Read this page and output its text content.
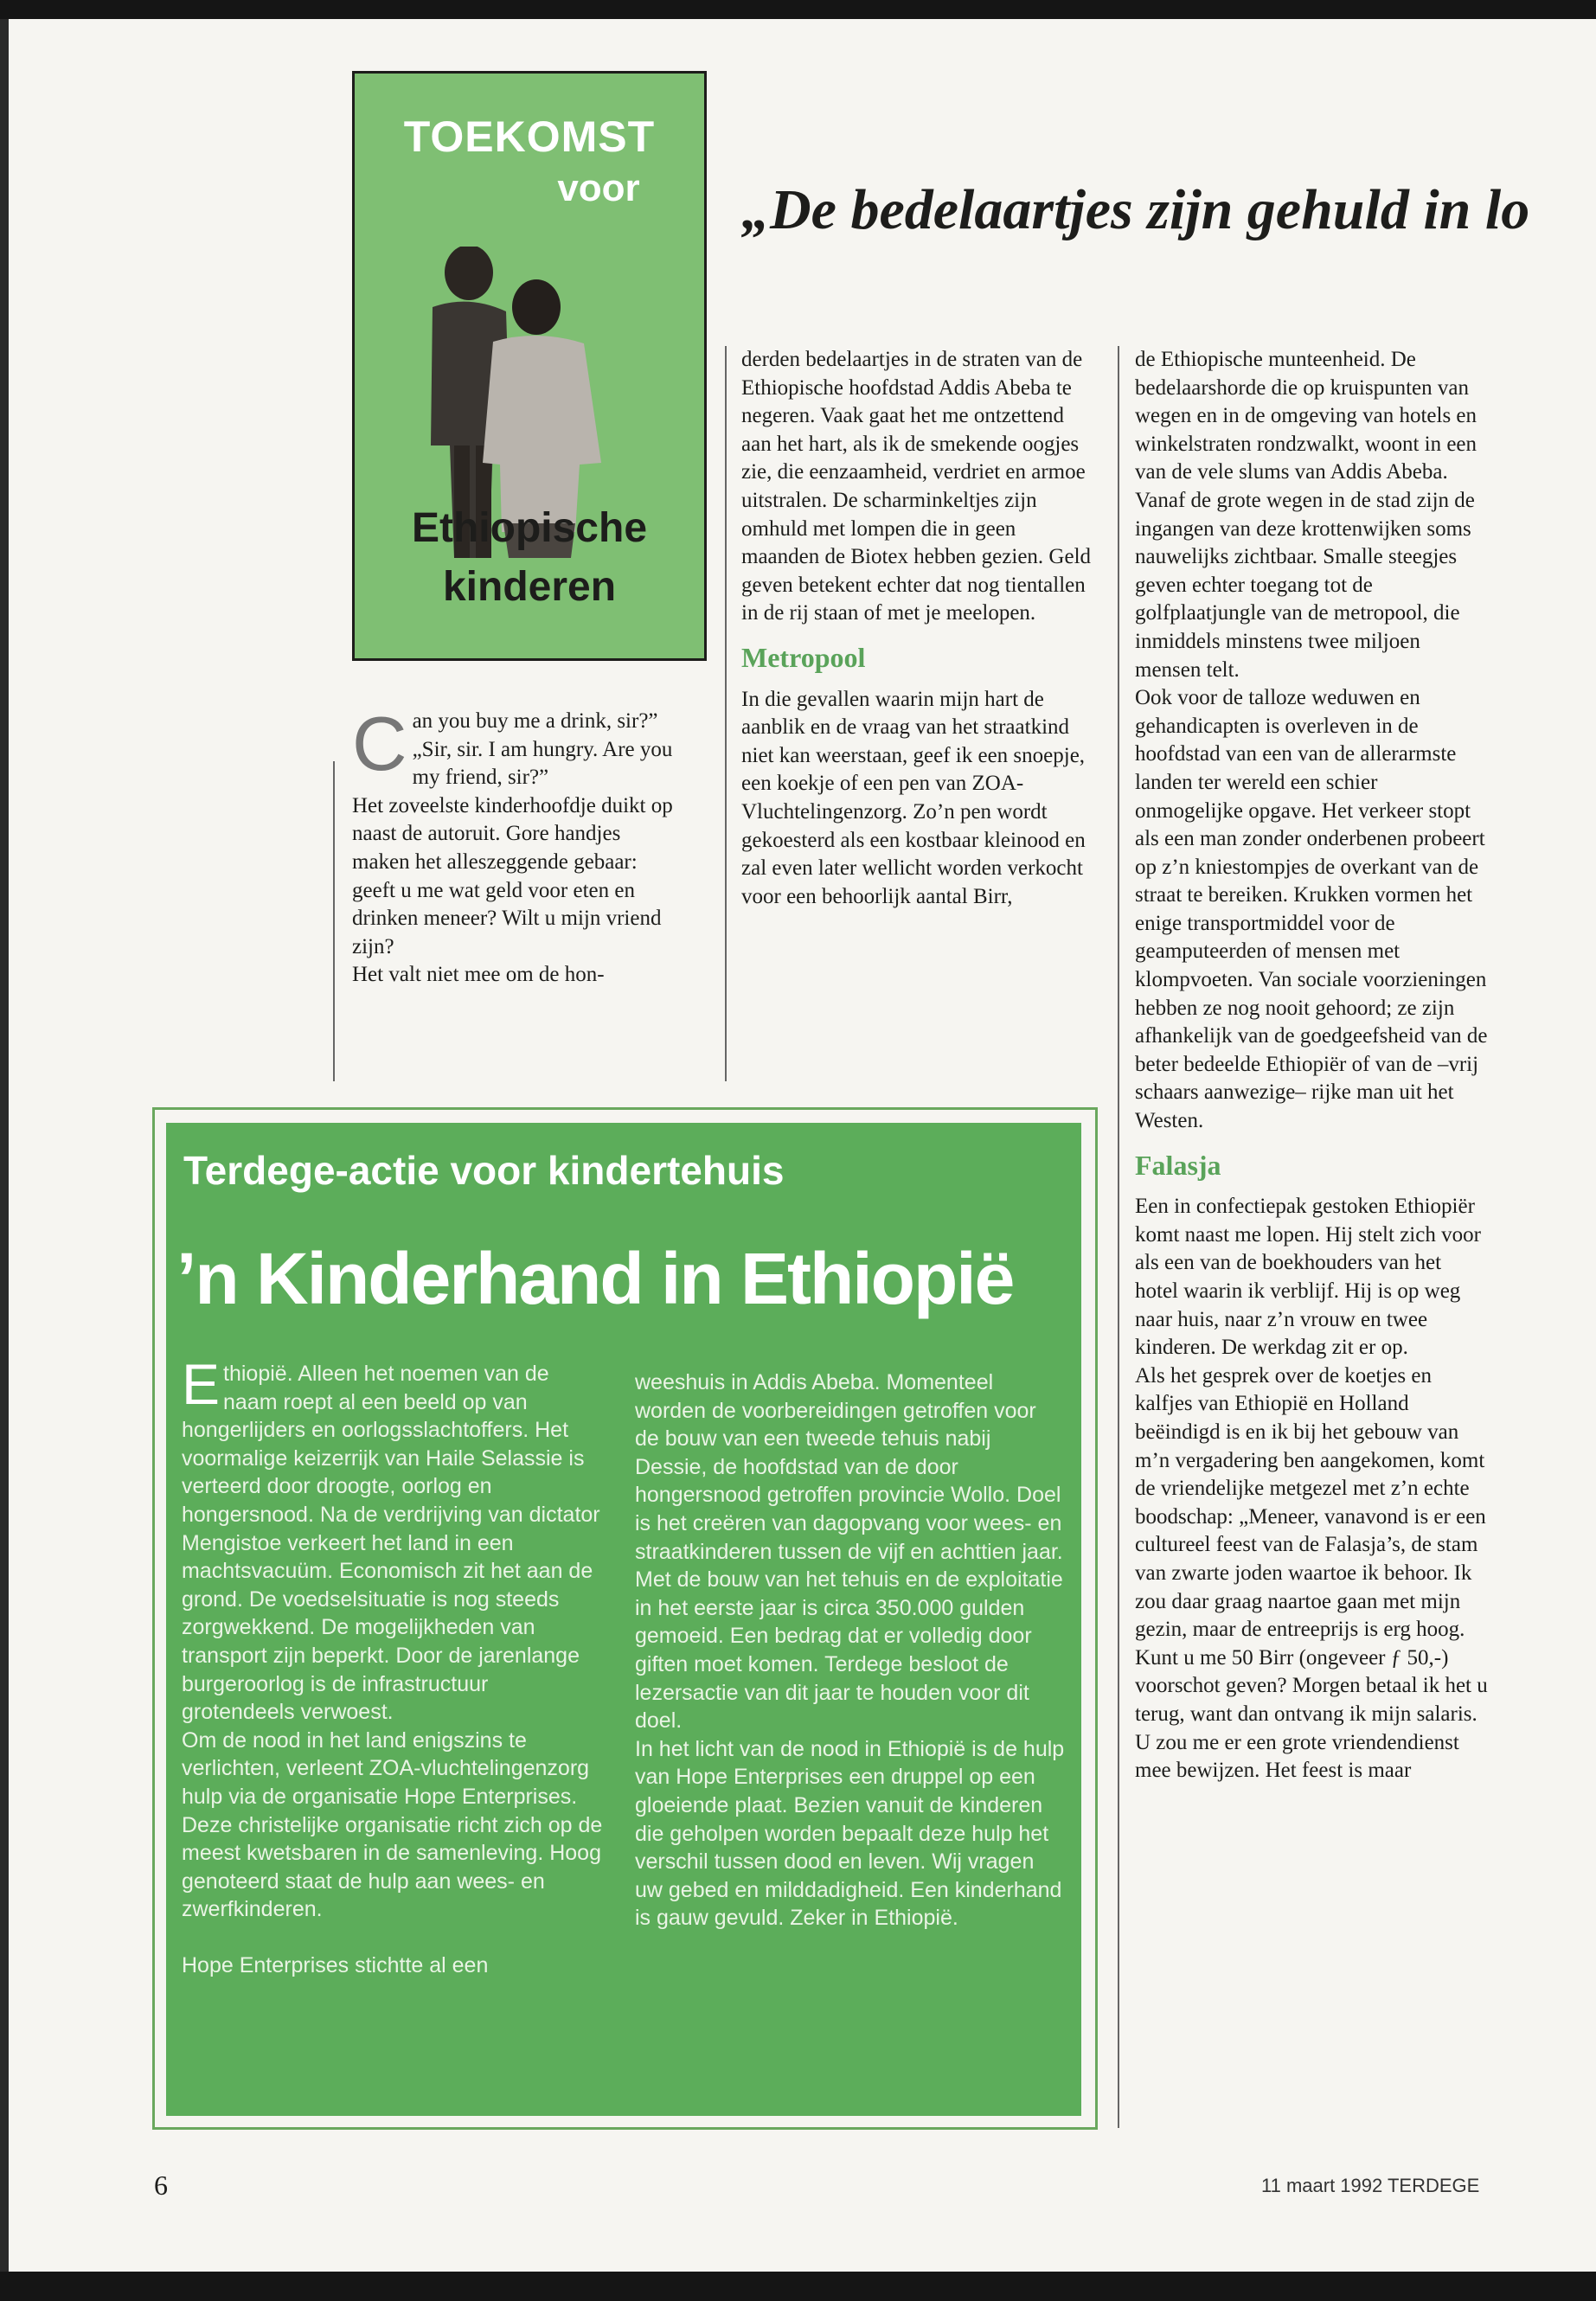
TOEKOMST
voor
Ethiopische
kinderen
„De bedelaartjes zijn gehuld in lo
C an you buy me a drink, sir?”

„Sir, sir. I am hungry. Are you my friend, sir?”

Het zoveelste kinderhoofdje duikt op naast de autoruit. Gore handjes maken het alleszeggende gebaar: geeft u me wat geld voor eten en drinken meneer? Wilt u mijn vriend zijn?

Het valt niet mee om de hon-

derden bedelaartjes in de straten van de Ethiopische hoofdstad Addis Abeba te negeren. Vaak gaat het me ontzettend aan het hart, als ik de smekende oogjes zie, die eenzaamheid, verdriet en armoe uitstralen. De scharminkeltjes zijn omhuld met lompen die in geen maanden de Biotex hebben gezien. Geld geven betekent echter dat nog tientallen in de rij staan of met je meelopen.

Metropool

In die gevallen waarin mijn hart de aanblik en de vraag van het straatkind niet kan weerstaan, geef ik een snoepje, een koekje of een pen van ZOA-Vluchtelingenzorg. Zo’n pen wordt gekoesterd als een kostbaar kleinood en zal even later wellicht worden verkocht voor een behoorlijk aantal Birr,

de Ethiopische munteenheid. De bedelaarshorde die op kruispunten van wegen en in de omgeving van hotels en winkelstraten rondzwalkt, woont in een van de vele slums van Addis Abeba. Vanaf de grote wegen in de stad zijn de ingangen van deze krottenwijken soms nauwelijks zichtbaar. Smalle steegjes geven echter toegang tot de golfplaatjungle van de metropool, die inmiddels minstens twee miljoen mensen telt.

Ook voor de talloze weduwen en gehandicapten is overleven in de hoofdstad van een van de allerarmste landen ter wereld een schier onmogelijke opgave. Het verkeer stopt als een man zonder onderbenen probeert op z’n kniestompjes de overkant van de straat te bereiken. Krukken vormen het enige transportmiddel voor de geamputeerden of mensen met klompvoeten. Van sociale voorzieningen hebben ze nog nooit gehoord; ze zijn afhankelijk van de goedgeefsheid van de beter bedeelde Ethiopiër of van de –vrij schaars aanwezige– rijke man uit het Westen.

Falasja

Een in confectiepak gestoken Ethiopiër komt naast me lopen. Hij stelt zich voor als een van de boekhouders van het hotel waarin ik verblijf. Hij is op weg naar huis, naar z’n vrouw en twee kinderen. De werkdag zit er op.

Als het gesprek over de koetjes en kalfjes van Ethiopië en Holland beëindigd is en ik bij het gebouw van m’n vergadering ben aangekomen, komt de vriendelijke metgezel met z’n echte boodschap: „Meneer, vanavond is er een cultureel feest van de Falasja’s, de stam van zwarte joden waartoe ik behoor. Ik zou daar graag naartoe gaan met mijn gezin, maar de entreeprijs is erg hoog. Kunt u me 50 Birr (ongeveer ƒ 50,-) voorschot geven? Morgen betaal ik het u terug, want dan ontvang ik mijn salaris. U zou me er een grote vriendendienst mee bewijzen. Het feest is maar

Terdege-actie voor kindertehuis
’n Kinderhand in Ethiopië
E thiopië. Alleen het noemen van de naam roept al een beeld op van hongerlijders en oorlogsslachtoffers. Het voormalige keizerrijk van Haile Selassie is verteerd door droogte, oorlog en hongersnood. Na de verdrijving van dictator Mengistoe verkeert het land in een machtsvacuüm. Economisch zit het aan de grond. De voedselsituatie is nog steeds zorgwekkend. De mogelijkheden van transport zijn beperkt. Door de jarenlange burgeroorlog is de infrastructuur grotendeels verwoest.

Om de nood in het land enigszins te verlichten, verleent ZOA-vluchtelingenzorg hulp via de organisatie Hope Enterprises. Deze christelijke organisatie richt zich op de meest kwetsbaren in de samenleving. Hoog genoteerd staat de hulp aan wees- en zwerfkinderen.

Hope Enterprises stichtte al een

weeshuis in Addis Abeba. Momenteel worden de voorbereidingen getroffen voor de bouw van een tweede tehuis nabij Dessie, de hoofdstad van de door hongersnood getroffen provincie Wollo. Doel is het creëren van dagopvang voor wees- en straatkinderen tussen de vijf en achttien jaar.

Met de bouw van het tehuis en de exploitatie in het eerste jaar is circa 350.000 gulden gemoeid. Een bedrag dat er volledig door giften moet komen. Terdege besloot de lezersactie van dit jaar te houden voor dit doel.

In het licht van de nood in Ethiopië is de hulp van Hope Enterprises een druppel op een gloeiende plaat. Bezien vanuit de kinderen die geholpen worden bepaalt deze hulp het verschil tussen dood en leven. Wij vragen uw gebed en milddadigheid. Een kinderhand is gauw gevuld. Zeker in Ethiopië.

6	11 maart 1992 TERDEGE
